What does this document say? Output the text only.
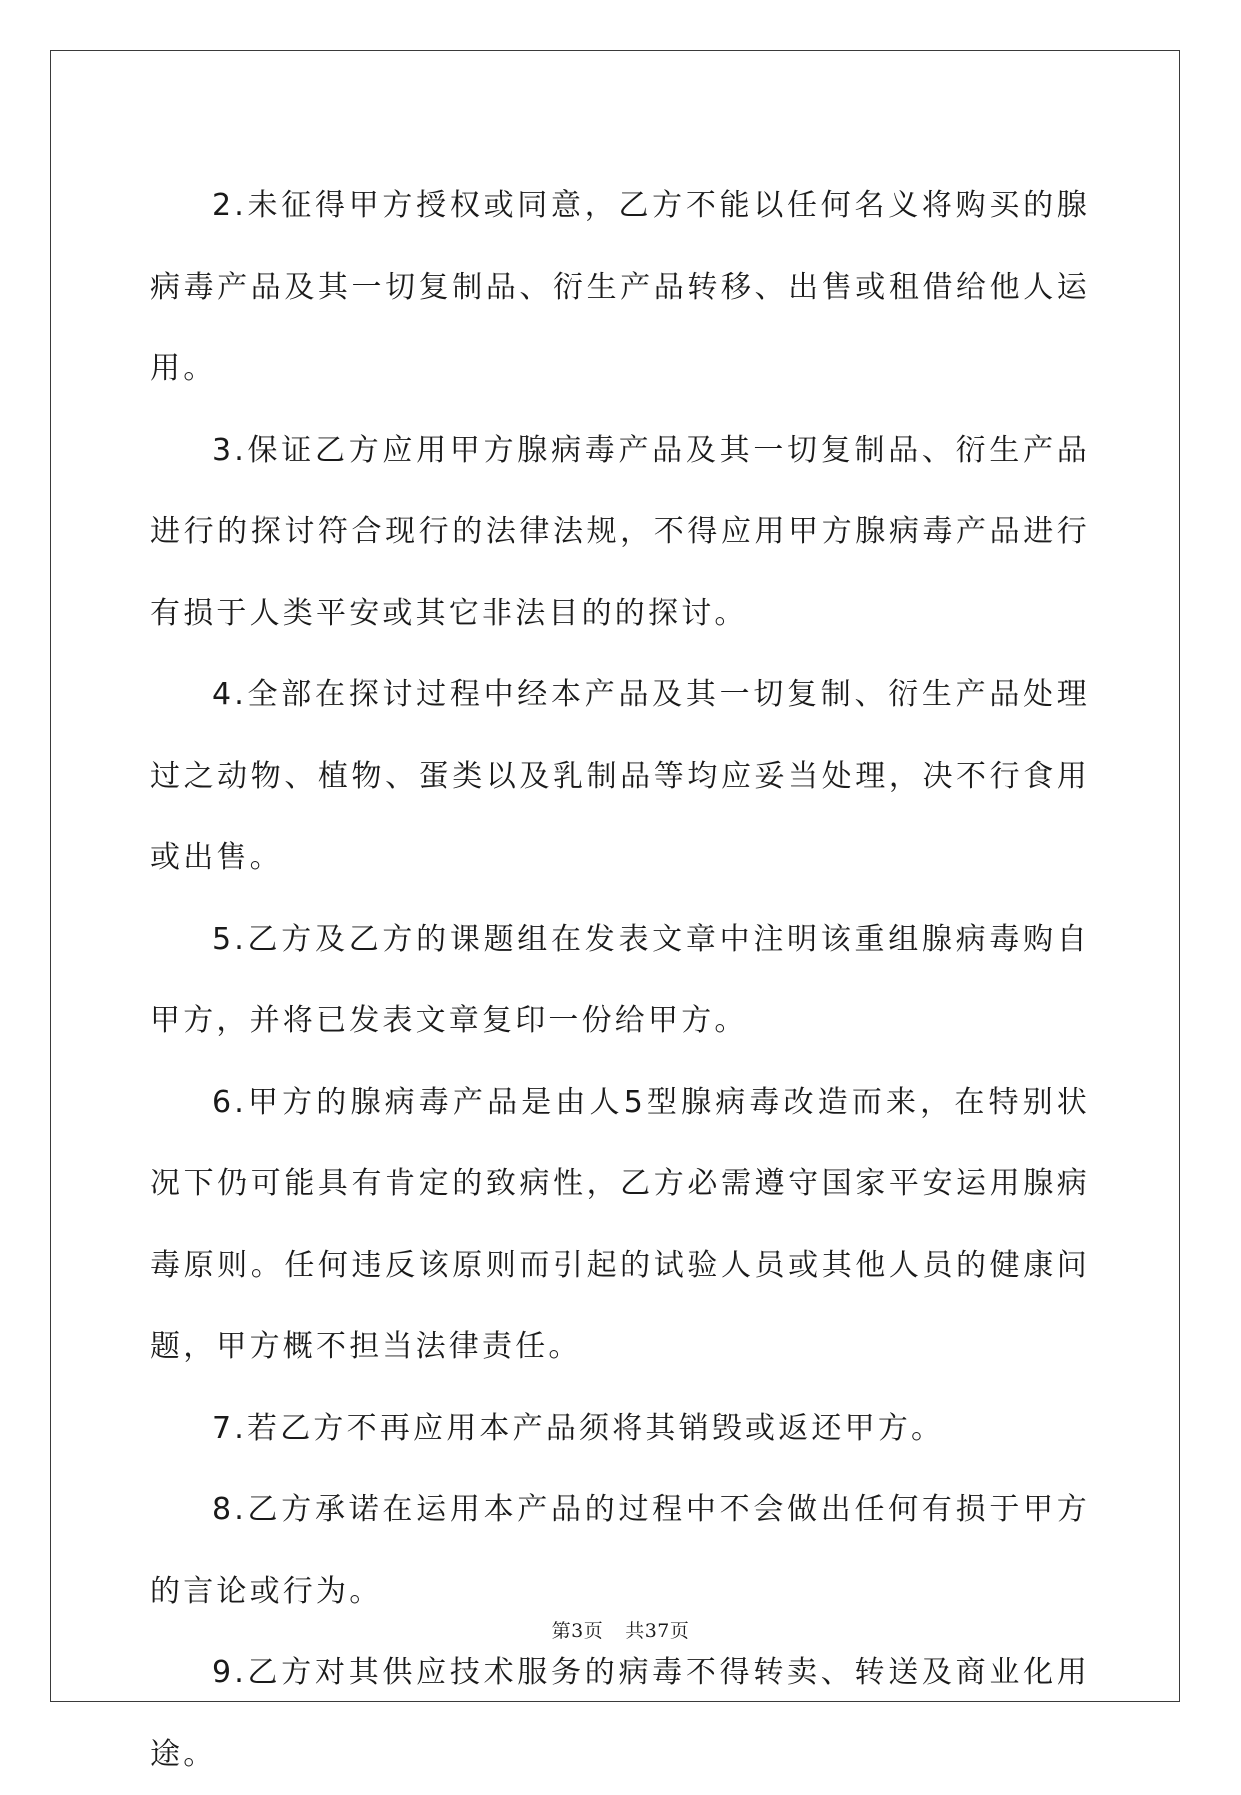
2.未征得甲方授权或同意，乙方不能以任何名义将购买的腺病毒产品及其一切复制品、衍生产品转移、出售或租借给他人运用。

3.保证乙方应用甲方腺病毒产品及其一切复制品、衍生产品进行的探讨符合现行的法律法规，不得应用甲方腺病毒产品进行有损于人类平安或其它非法目的的探讨。

4.全部在探讨过程中经本产品及其一切复制、衍生产品处理过之动物、植物、蛋类以及乳制品等均应妥当处理，决不行食用或出售。

5.乙方及乙方的课题组在发表文章中注明该重组腺病毒购自甲方，并将已发表文章复印一份给甲方。

6.甲方的腺病毒产品是由人5型腺病毒改造而来，在特别状况下仍可能具有肯定的致病性，乙方必需遵守国家平安运用腺病毒原则。任何违反该原则而引起的试验人员或其他人员的健康问题，甲方概不担当法律责任。

7.若乙方不再应用本产品须将其销毁或返还甲方。

8.乙方承诺在运用本产品的过程中不会做出任何有损于甲方的言论或行为。

9.乙方对其供应技术服务的病毒不得转卖、转送及商业化用途。

第3页 共37页
